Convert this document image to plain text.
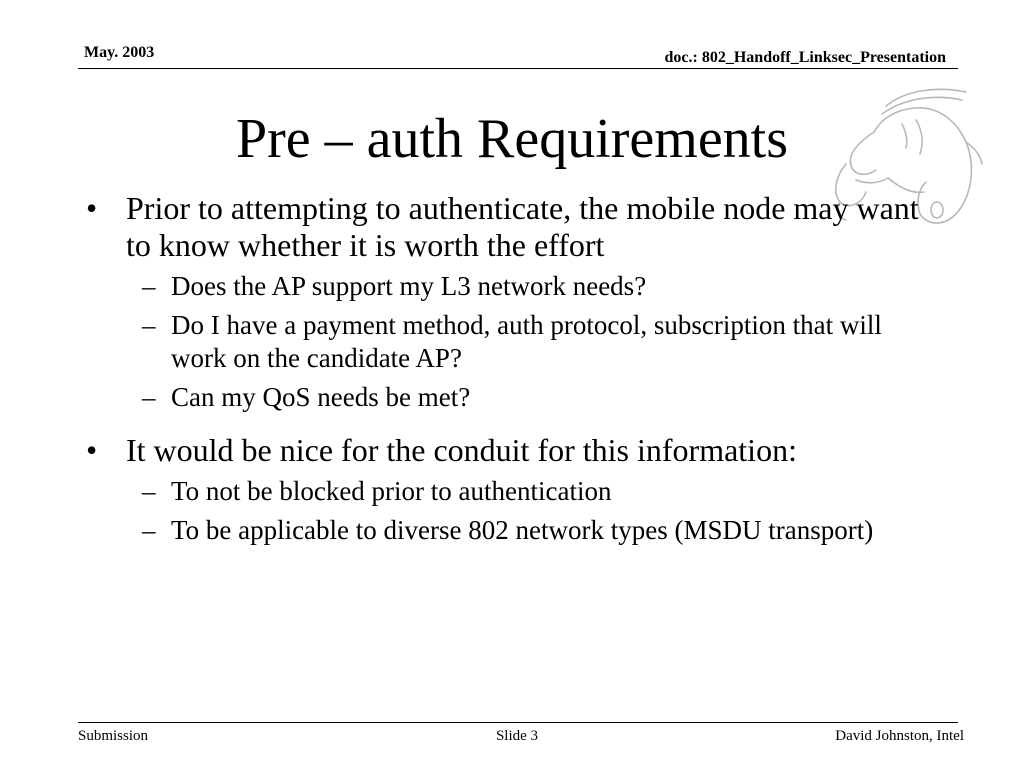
May. 2003	doc.: 802_Handoff_Linksec_Presentation
Pre – auth Requirements
• Prior to attempting to authenticate, the mobile node may want to know whether it is worth the effort
– Does the AP support my L3 network needs?
– Do I have a payment method, auth protocol, subscription that will work on the candidate AP?
– Can my QoS needs be met?
• It would be nice for the conduit for this information:
– To not be blocked prior to authentication
– To be applicable to diverse 802 network types (MSDU transport)
Submission	Slide 3	David Johnston, Intel
